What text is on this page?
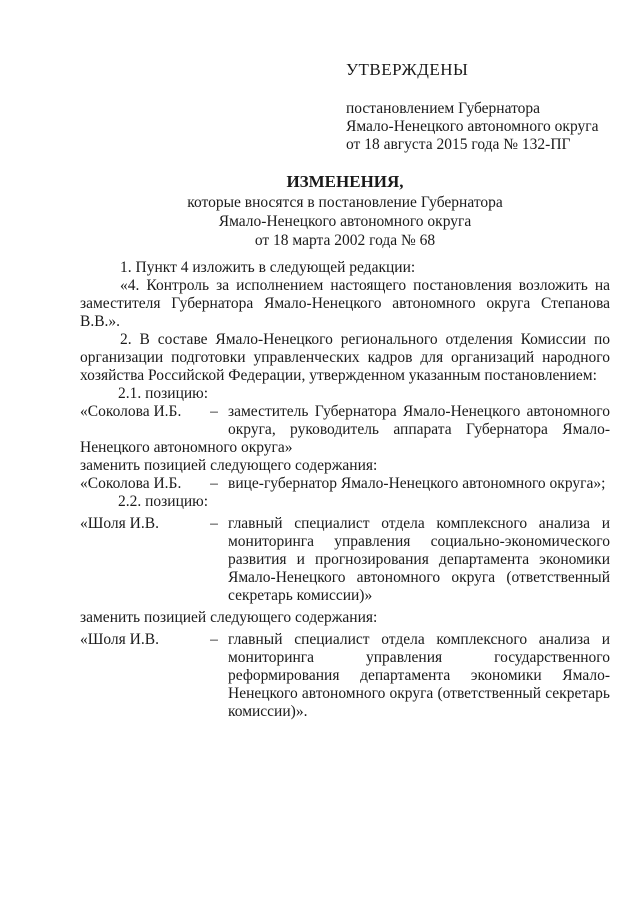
УТВЕРЖДЕНЫ
постановлением Губернатора
Ямало-Ненецкого автономного округа
от 18 августа 2015 года № 132-ПГ
ИЗМЕНЕНИЯ,
которые вносятся в постановление Губернатора
Ямало-Ненецкого автономного округа
от 18 марта 2002 года № 68
1. Пункт 4 изложить в следующей редакции:
«4. Контроль за исполнением настоящего постановления возложить на
заместителя Губернатора Ямало-Ненецкого автономного округа Степанова В.В.».
2. В составе Ямало-Ненецкого регионального отделения Комиссии по
организации подготовки управленческих кадров для организаций народного
хозяйства Российской Федерации, утвержденном указанным постановлением:
2.1. позицию:
«Соколова И.Б.	– заместитель Губернатора Ямало-Ненецкого автономного
округа, руководитель аппарата Губернатора Ямало-
Ненецкого автономного округа»
заменить позицией следующего содержания:
«Соколова И.Б.	– вице-губернатор Ямало-Ненецкого автономного округа»;
2.2. позицию:
«Шоля И.В.	– главный специалист отдела комплексного анализа и
мониторинга управления социально-экономического
развития и прогнозирования департамента экономики
Ямало-Ненецкого автономного округа (ответственный
секретарь комиссии)»
заменить позицией следующего содержания:
«Шоля И.В.	– главный специалист отдела комплексного анализа и
мониторинга управления государственного
реформирования департамента экономики Ямало-
Ненецкого автономного округа (ответственный секретарь
комиссии)».
